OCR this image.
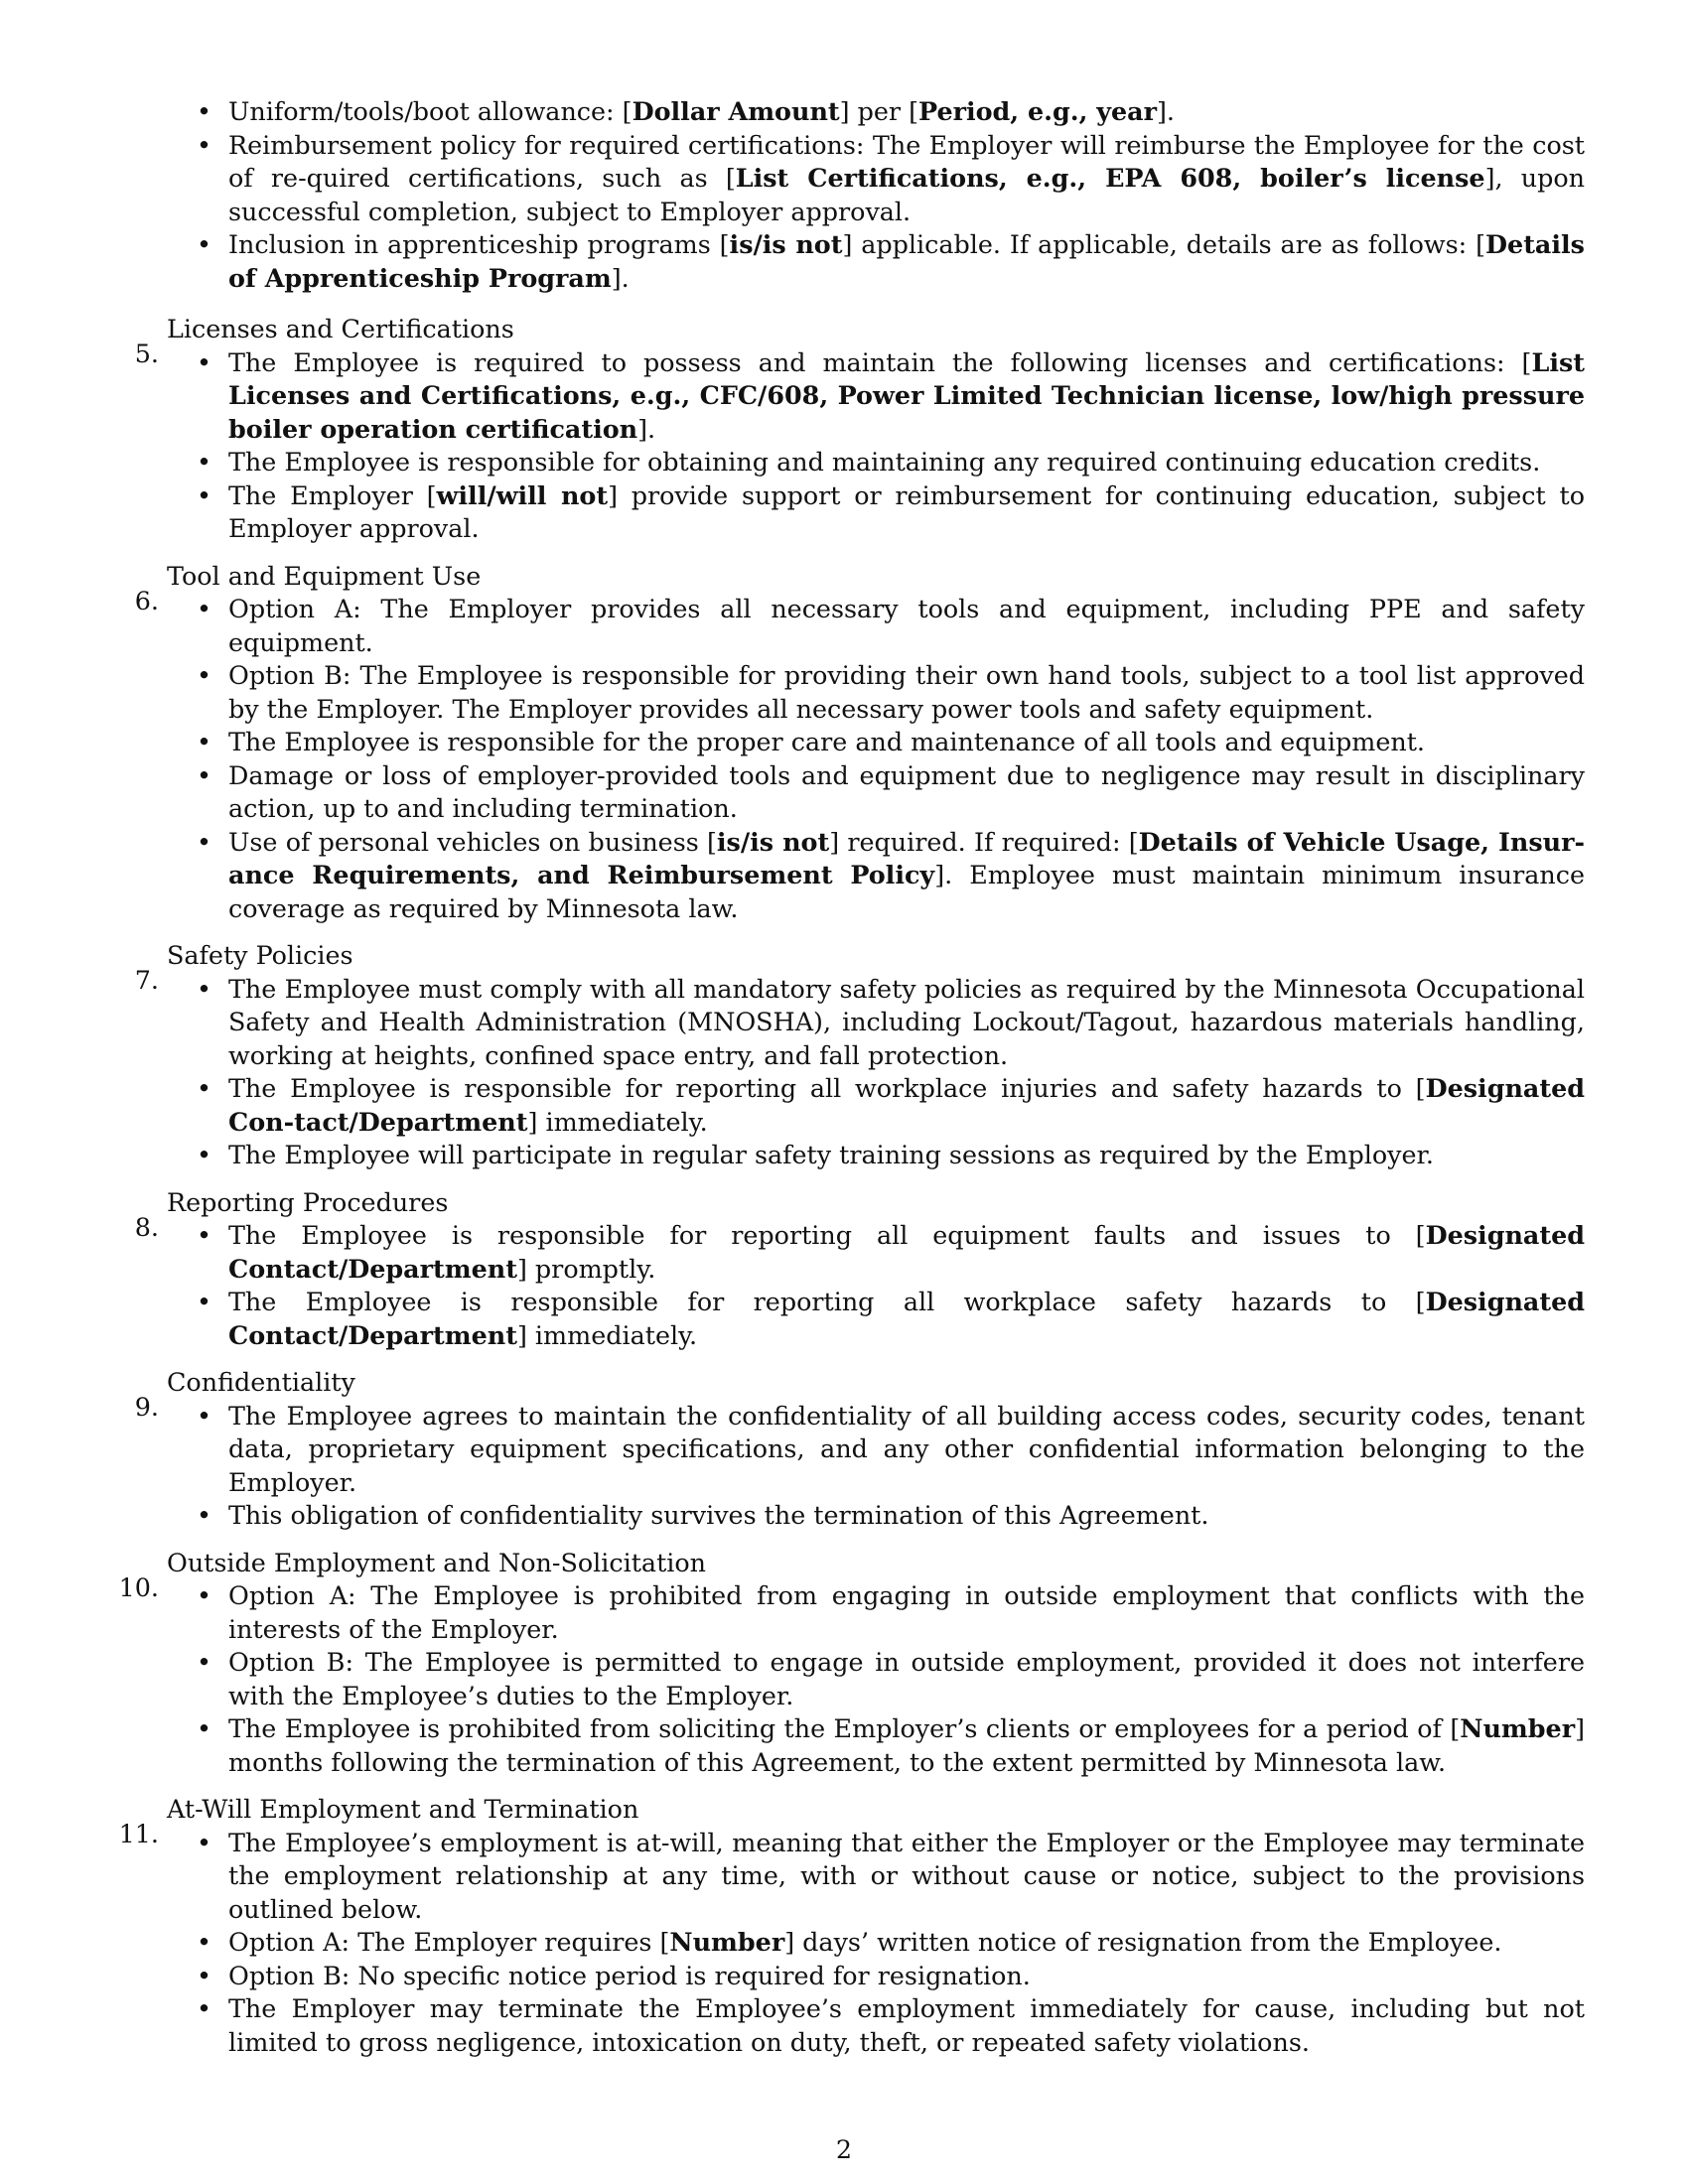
• Uniform/tools/boot allowance: [Dollar Amount] per [Period, e.g., year].
• Reimbursement policy for required certifications: The Employer will reimburse the Employee for the cost of re-quired certifications, such as [List Certifications, e.g., EPA 608, boiler’s license], upon successful completion, subject to Employer approval.
• Inclusion in apprenticeship programs [is/is not] applicable. If applicable, details are as follows: [Details of Apprenticeship Program].
5.
Licenses and Certifications
• The Employee is required to possess and maintain the following licenses and certifications: [List Licenses and Certifications, e.g., CFC/608, Power Limited Technician license, low/high pressure boiler operation certification].
• The Employee is responsible for obtaining and maintaining any required continuing education credits.
• The Employer [will/will not] provide support or reimbursement for continuing education, subject to Employer approval.
6.
Tool and Equipment Use
• Option A: The Employer provides all necessary tools and equipment, including PPE and safety equipment.
• Option B: The Employee is responsible for providing their own hand tools, subject to a tool list approved by the Employer. The Employer provides all necessary power tools and safety equipment.
• The Employee is responsible for the proper care and maintenance of all tools and equipment.
• Damage or loss of employer-provided tools and equipment due to negligence may result in disciplinary action, up to and including termination.
• Use of personal vehicles on business [is/is not] required. If required: [Details of Vehicle Usage, Insur-ance Requirements, and Reimbursement Policy]. Employee must maintain minimum insurance coverage as required by Minnesota law.
7.
Safety Policies
• The Employee must comply with all mandatory safety policies as required by the Minnesota Occupational Safety and Health Administration (MNOSHA), including Lockout/Tagout, hazardous materials handling, working at heights, confined space entry, and fall protection.
• The Employee is responsible for reporting all workplace injuries and safety hazards to [Designated Con-tact/Department] immediately.
• The Employee will participate in regular safety training sessions as required by the Employer.
8.
Reporting Procedures
• The Employee is responsible for reporting all equipment faults and issues to [Designated Contact/Department] promptly.
• The Employee is responsible for reporting all workplace safety hazards to [Designated Contact/Department] immediately.
9.
Confidentiality
• The Employee agrees to maintain the confidentiality of all building access codes, security codes, tenant data, proprietary equipment specifications, and any other confidential information belonging to the Employer.
• This obligation of confidentiality survives the termination of this Agreement.
10.
Outside Employment and Non-Solicitation
• Option A: The Employee is prohibited from engaging in outside employment that conflicts with the interests of the Employer.
• Option B: The Employee is permitted to engage in outside employment, provided it does not interfere with the Employee’s duties to the Employer.
• The Employee is prohibited from soliciting the Employer’s clients or employees for a period of [Number] months following the termination of this Agreement, to the extent permitted by Minnesota law.
11.
At-Will Employment and Termination
• The Employee’s employment is at-will, meaning that either the Employer or the Employee may terminate the employment relationship at any time, with or without cause or notice, subject to the provisions outlined below.
• Option A: The Employer requires [Number] days’ written notice of resignation from the Employee.
• Option B: No specific notice period is required for resignation.
• The Employer may terminate the Employee’s employment immediately for cause, including but not limited to gross negligence, intoxication on duty, theft, or repeated safety violations.
2
